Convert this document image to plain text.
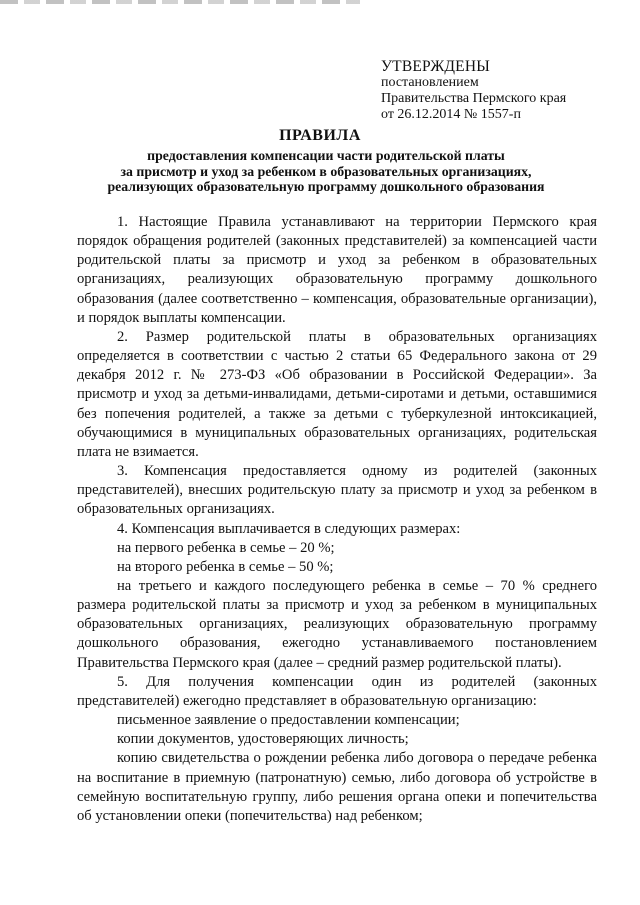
УТВЕРЖДЕНЫ
постановлением
Правительства Пермского края
от 26.12.2014 № 1557-п
ПРАВИЛА
предоставления компенсации части родительской платы
за присмотр и уход за ребенком в образовательных организациях,
реализующих образовательную программу дошкольного образования

1. Настоящие Правила устанавливают на территории Пермского края порядок обращения родителей (законных представителей) за компенсацией части родительской платы за присмотр и уход за ребенком в образовательных организациях, реализующих образовательную программу дошкольного образования (далее соответственно – компенсация, образовательные организации), и порядок выплаты компенсации.

2. Размер родительской платы в образовательных организациях определяется в соответствии с частью 2 статьи 65 Федерального закона от 29 декабря 2012 г. № 273-ФЗ «Об образовании в Российской Федерации». За присмотр и уход за детьми-инвалидами, детьми-сиротами и детьми, оставшимися без попечения родителей, а также за детьми с туберкулезной интоксикацией, обучающимися в муниципальных образовательных организациях, родительская плата не взимается.

3. Компенсация предоставляется одному из родителей (законных представителей), внесших родительскую плату за присмотр и уход за ребенком в образовательных организациях.

4. Компенсация выплачивается в следующих размерах:

на первого ребенка в семье – 20 %;

на второго ребенка в семье – 50 %;

на третьего и каждого последующего ребенка в семье – 70 % среднего размера родительской платы за присмотр и уход за ребенком в муниципальных образовательных организациях, реализующих образовательную программу дошкольного образования, ежегодно устанавливаемого постановлением Правительства Пермского края (далее – средний размер родительской платы).

5. Для получения компенсации один из родителей (законных представителей) ежегодно представляет в образовательную организацию:

письменное заявление о предоставлении компенсации;

копии документов, удостоверяющих личность;

копию свидетельства о рождении ребенка либо договора о передаче ребенка на воспитание в приемную (патронатную) семью, либо договора об устройстве в семейную воспитательную группу, либо решения органа опеки и попечительства об установлении опеки (попечительства) над ребенком;
